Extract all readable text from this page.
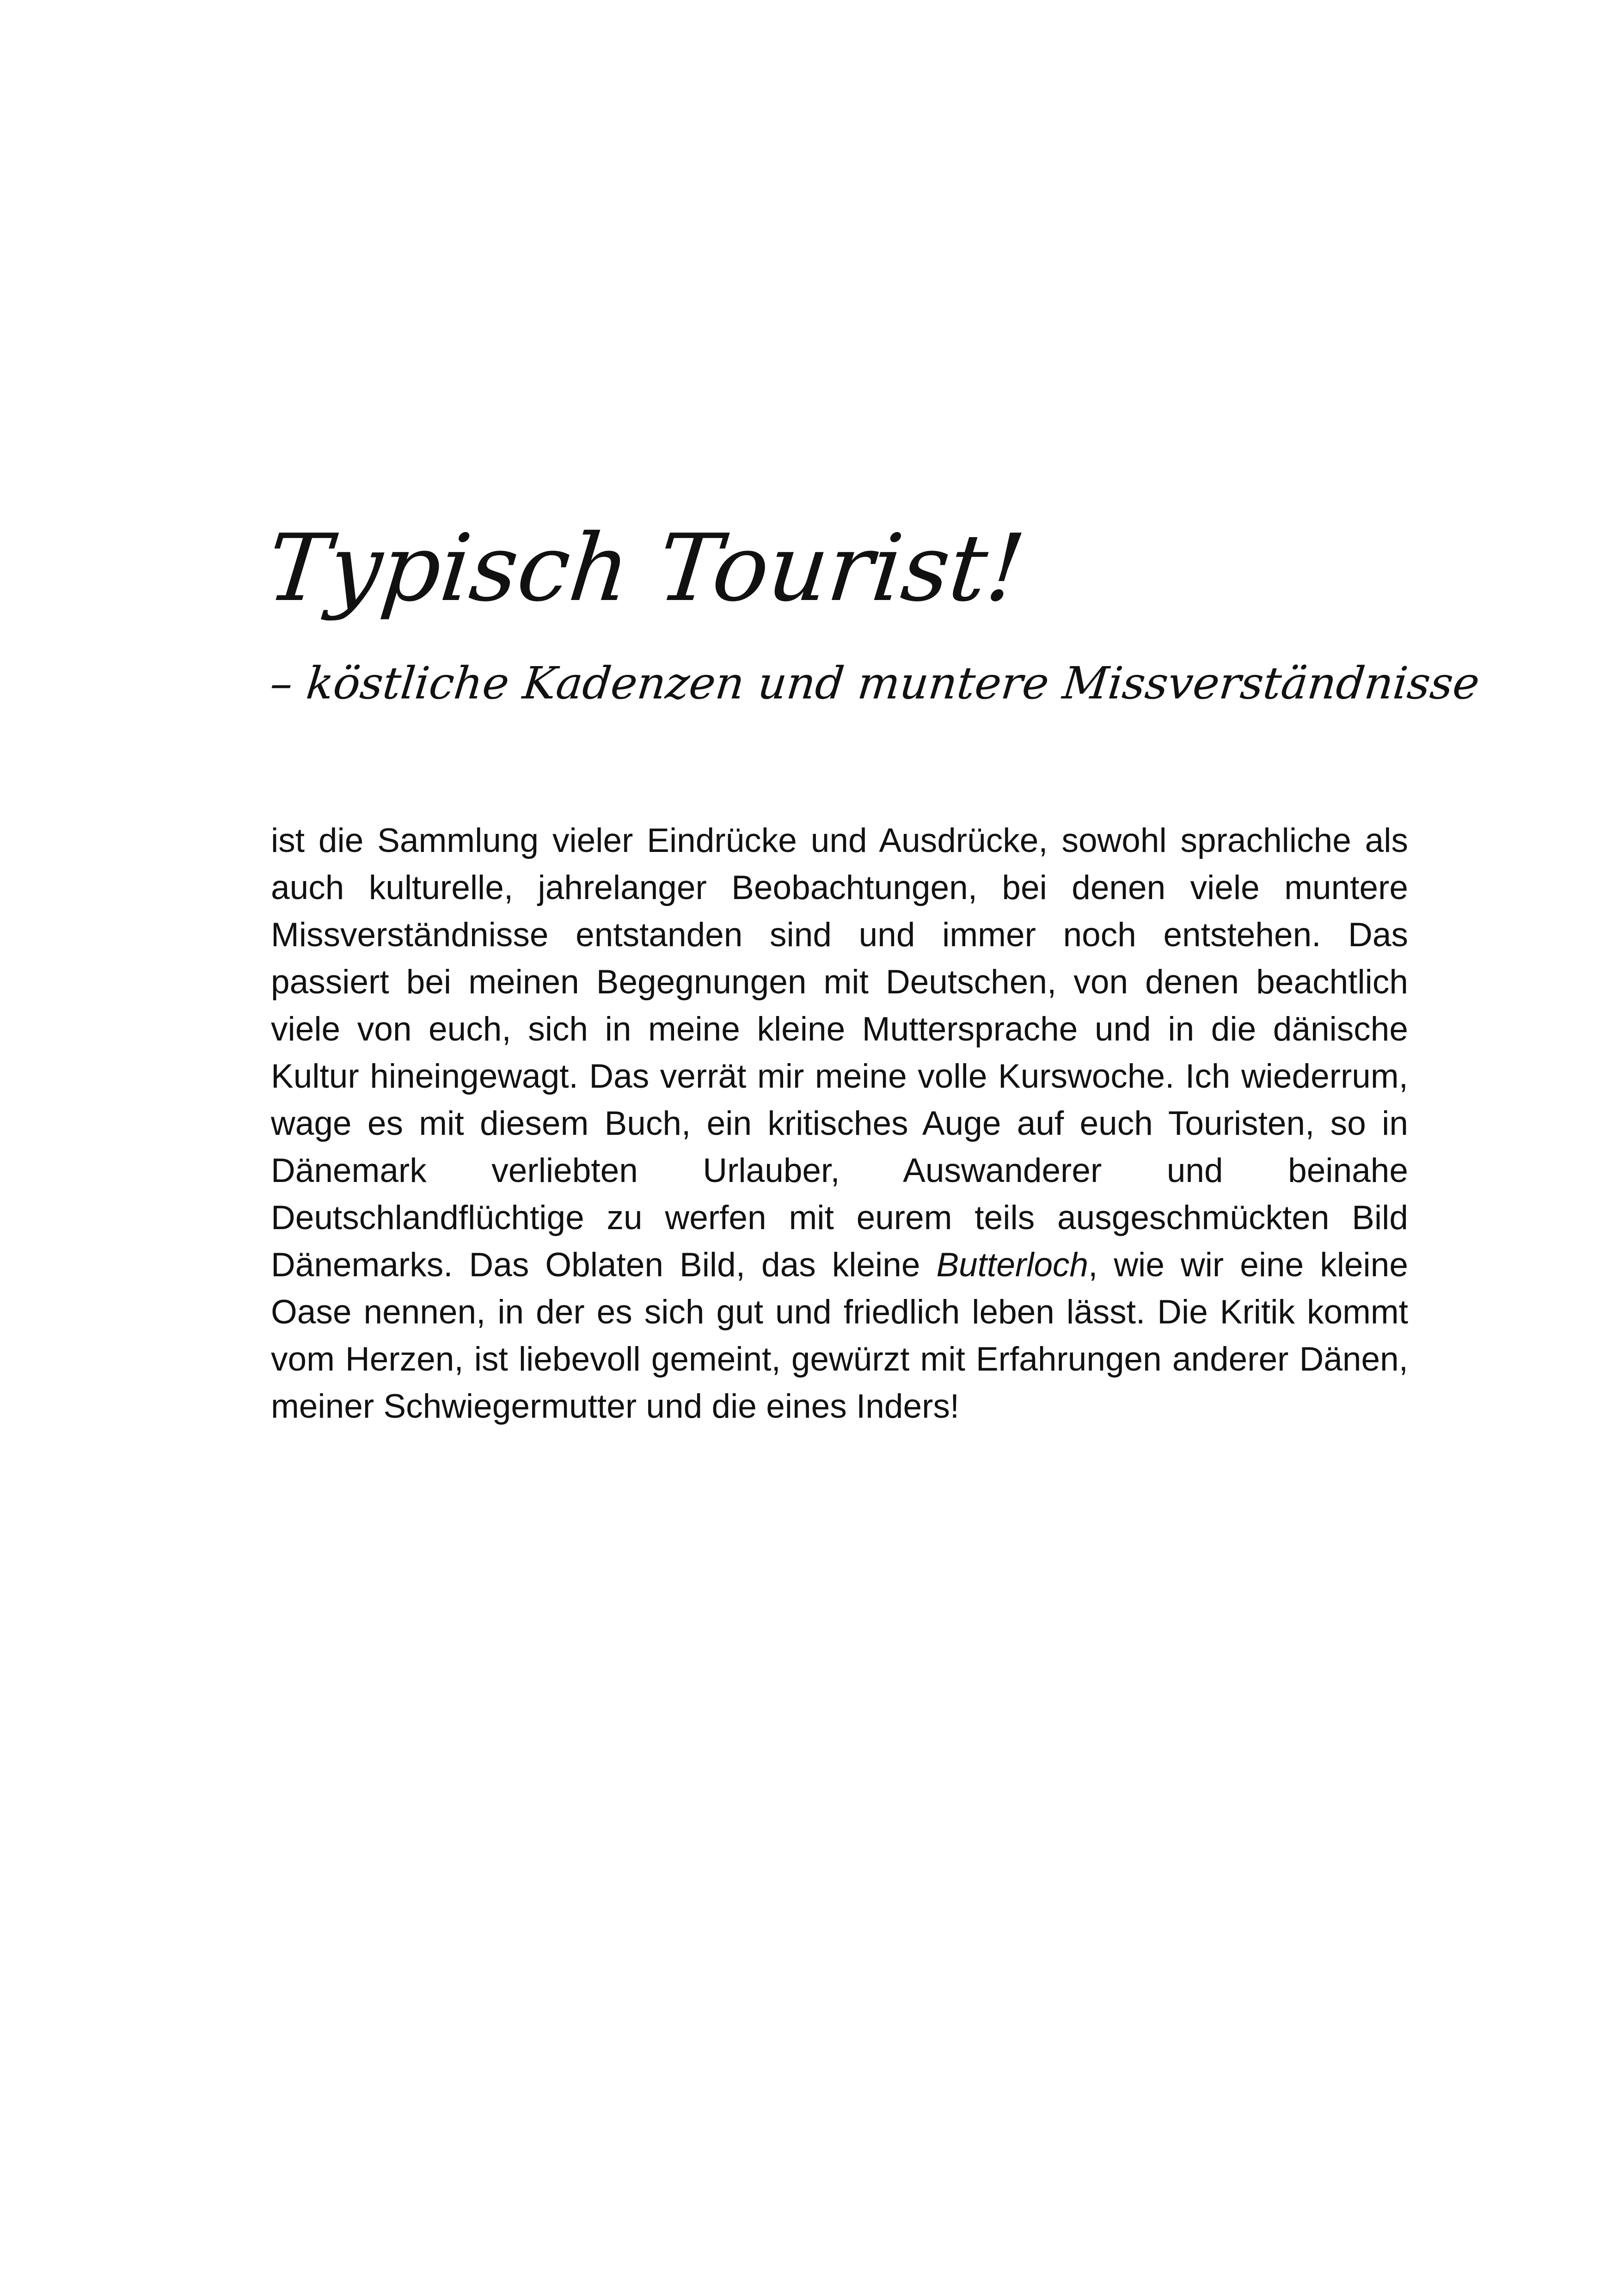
Typisch Tourist!
– köstliche Kadenzen und muntere Missverständnisse

ist die Sammlung vieler Eindrücke und Ausdrücke, sowohl sprachliche als auch kulturelle, jahrelanger Beobachtungen, bei denen viele muntere Missverständnisse entstanden sind und immer noch entstehen. Das passiert bei meinen Begegnungen mit Deutschen, von denen beachtlich viele von euch, sich in meine kleine Muttersprache und in die dänische Kultur hineingewagt. Das verrät mir meine volle Kurswoche. Ich wiederrum, wage es mit diesem Buch, ein kritisches Auge auf euch Touristen, so in Dänemark verliebten Urlauber, Auswanderer und beinahe Deutschlandflüchtige zu werfen mit eurem teils ausgeschmückten Bild Dänemarks. Das Oblaten Bild, das kleine Butterloch, wie wir eine kleine Oase nennen, in der es sich gut und friedlich leben lässt. Die Kritik kommt vom Herzen, ist liebevoll gemeint, gewürzt mit Erfahrungen anderer Dänen, meiner Schwiegermutter und die eines Inders!
